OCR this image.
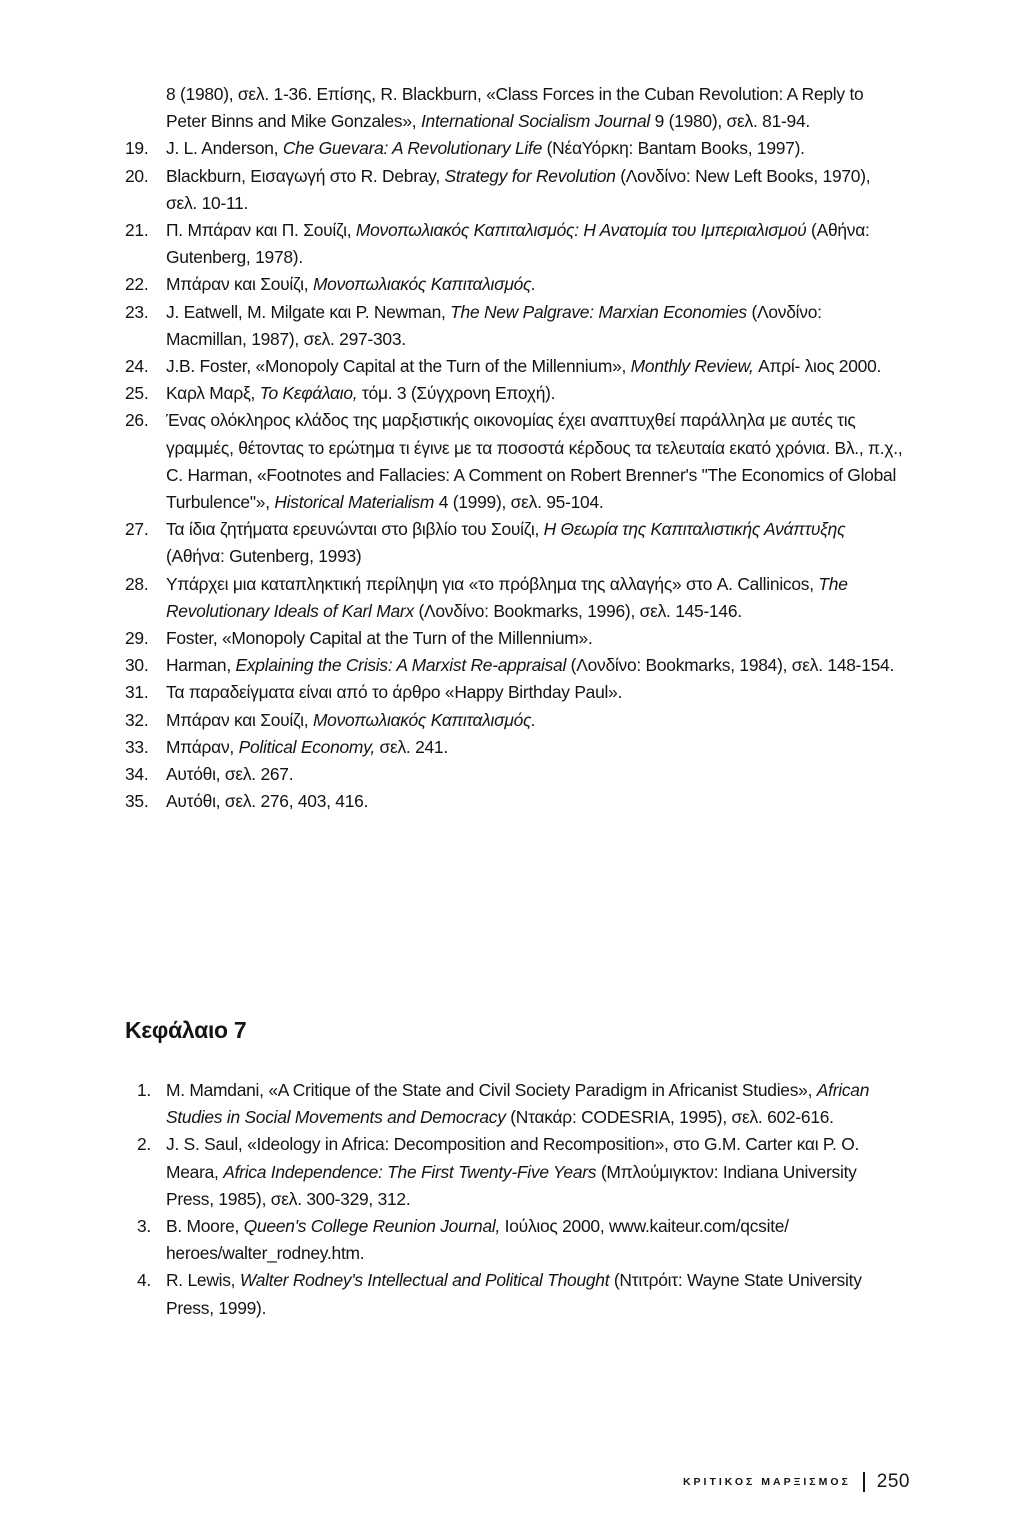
8 (1980), σελ. 1-36. Επίσης, R. Blackburn, «Class Forces in the Cuban Revolution: A Reply to Peter Binns and Mike Gonzales», International Socialism Journal 9 (1980), σελ. 81-94.

19. J. L. Anderson, Che Guevara: A Revolutionary Life (ΝέαΥόρκη: Bantam Books, 1997).

20. Blackburn, Εισαγωγή στο R. Debray, Strategy for Revolution (Λονδίνο: New Left Books, 1970), σελ. 10-11.

21. Π. Μπάραν και Π. Σουίζι, Μονοπωλιακός Καπιταλισμός: Η Ανατομία του Ιμπεριαλισμού (Αθήνα: Gutenberg, 1978).

22. Μπάραν και Σουίζι, Μονοπωλιακός Καπιταλισμός.

23. J. Eatwell, M. Milgate και P. Newman, The New Palgrave: Marxian Economies (Λονδίνο: Macmillan, 1987), σελ. 297-303.

24. J.B. Foster, «Monopoly Capital at the Turn of the Millennium», Monthly Review, Απρί- λιος 2000.

25. Καρλ Μαρξ, Το Κεφάλαιο, τόμ. 3 (Σύγχρονη Εποχή).

26. Ένας ολόκληρος κλάδος της μαρξιστικής οικονομίας έχει αναπτυχθεί παράλληλα με αυτές τις γραμμές, θέτοντας το ερώτημα τι έγινε με τα ποσοστά κέρδους τα τελευταία εκατό χρόνια. Βλ., π.χ., C. Harman, «Footnotes and Fallacies: A Comment on Robert Brenner's "The Economics of Global Turbulence"», Historical Materialism 4 (1999), σελ. 95-104.

27. Τα ίδια ζητήματα ερευνώνται στο βιβλίο του Σουίζι, Η Θεωρία της Καπιταλιστικής Ανάπτυξης (Αθήνα: Gutenberg, 1993)

28. Υπάρχει μια καταπληκτική περίληψη για «το πρόβλημα της αλλαγής» στο A. Callinicos, The Revolutionary Ideals of Karl Marx (Λονδίνο: Bookmarks, 1996), σελ. 145-146.

29. Foster, «Monopoly Capital at the Turn of the Millennium».

30. Harman, Explaining the Crisis: A Marxist Re-appraisal (Λονδίνο: Bookmarks, 1984), σελ. 148-154.

31. Τα παραδείγματα είναι από το άρθρο «Happy Birthday Paul».

32. Μπάραν και Σουίζι, Μονοπωλιακός Καπιταλισμός.

33. Μπάραν, Political Economy, σελ. 241.

34. Αυτόθι, σελ. 267.

35. Αυτόθι, σελ. 276, 403, 416.

Κεφάλαιο 7

1. M. Mamdani, «A Critique of the State and Civil Society Paradigm in Africanist Studies», African Studies in Social Movements and Democracy (Ντακάρ: CODESRIA, 1995), σελ. 602-616.

2. J. S. Saul, «Ideology in Africa: Decomposition and Recomposition», στο G.M. Carter και P. O. Meara, Africa Independence: The First Twenty-Five Years (Μπλούμιγκτον: Indiana University Press, 1985), σελ. 300-329, 312.

3. B. Moore, Queen's College Reunion Journal, Ιούλιος 2000, www.kaiteur.com/qcsite/ heroes/walter_rodney.htm.

4. R. Lewis, Walter Rodney's Intellectual and Political Thought (Ντιτρόιτ: Wayne State University Press, 1999).

ΚΡΙΤΙΚΟΣ ΜΑΡΞΙΣΜΟΣ 250
